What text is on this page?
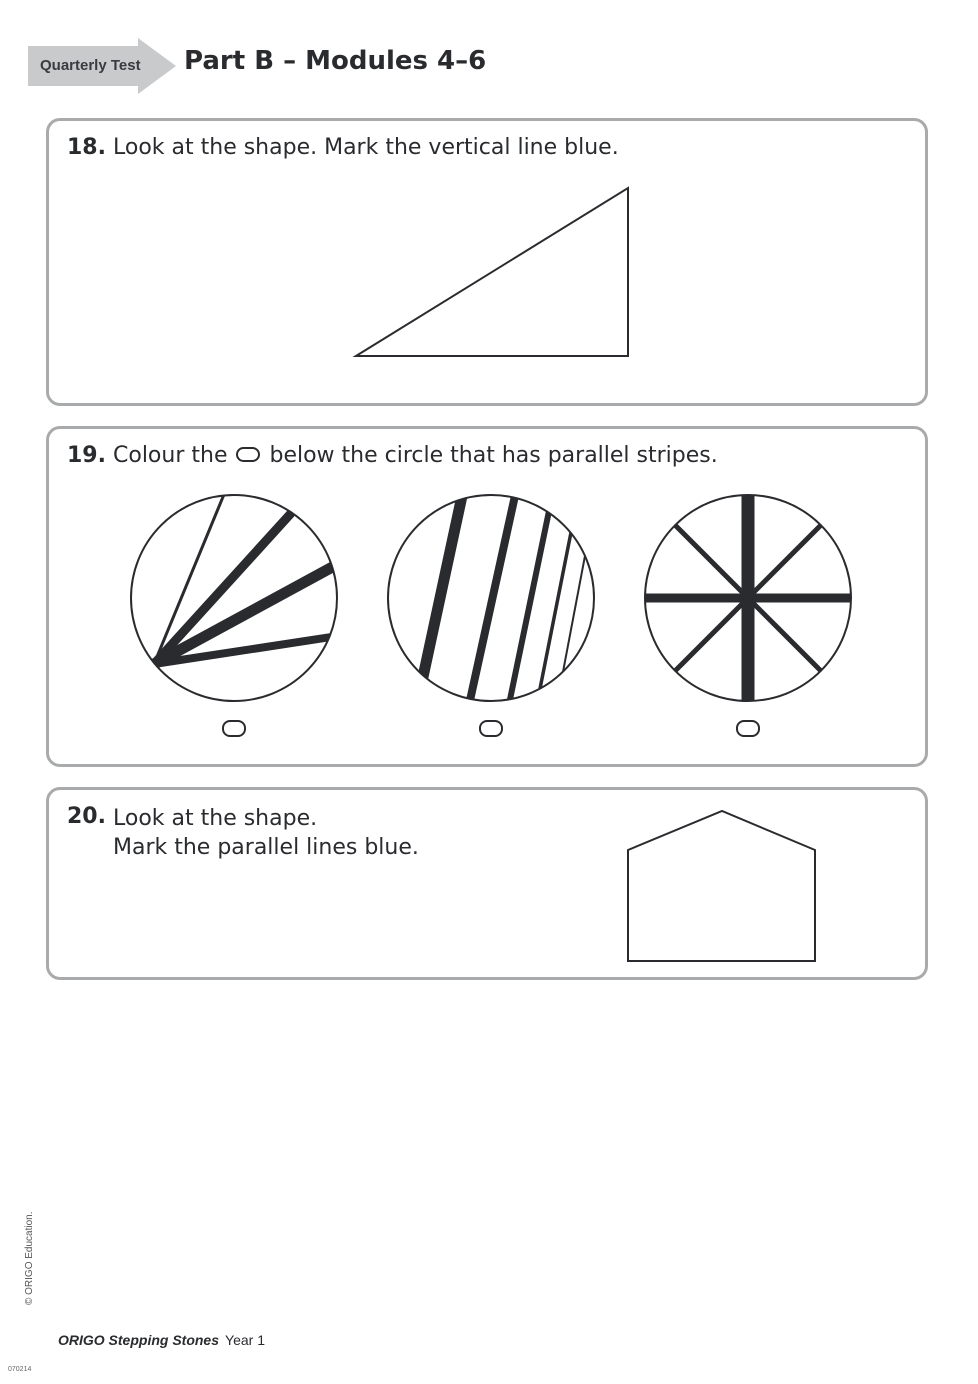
Quarterly Test Part B – Modules 4–6
18. Look at the shape. Mark the vertical line blue.
19. Colour the below the circle that has parallel stripes.
20. Look at the shape.
Mark the parallel lines blue.
© ORIGO Education.
ORIGO Stepping Stones Year 1
070214
